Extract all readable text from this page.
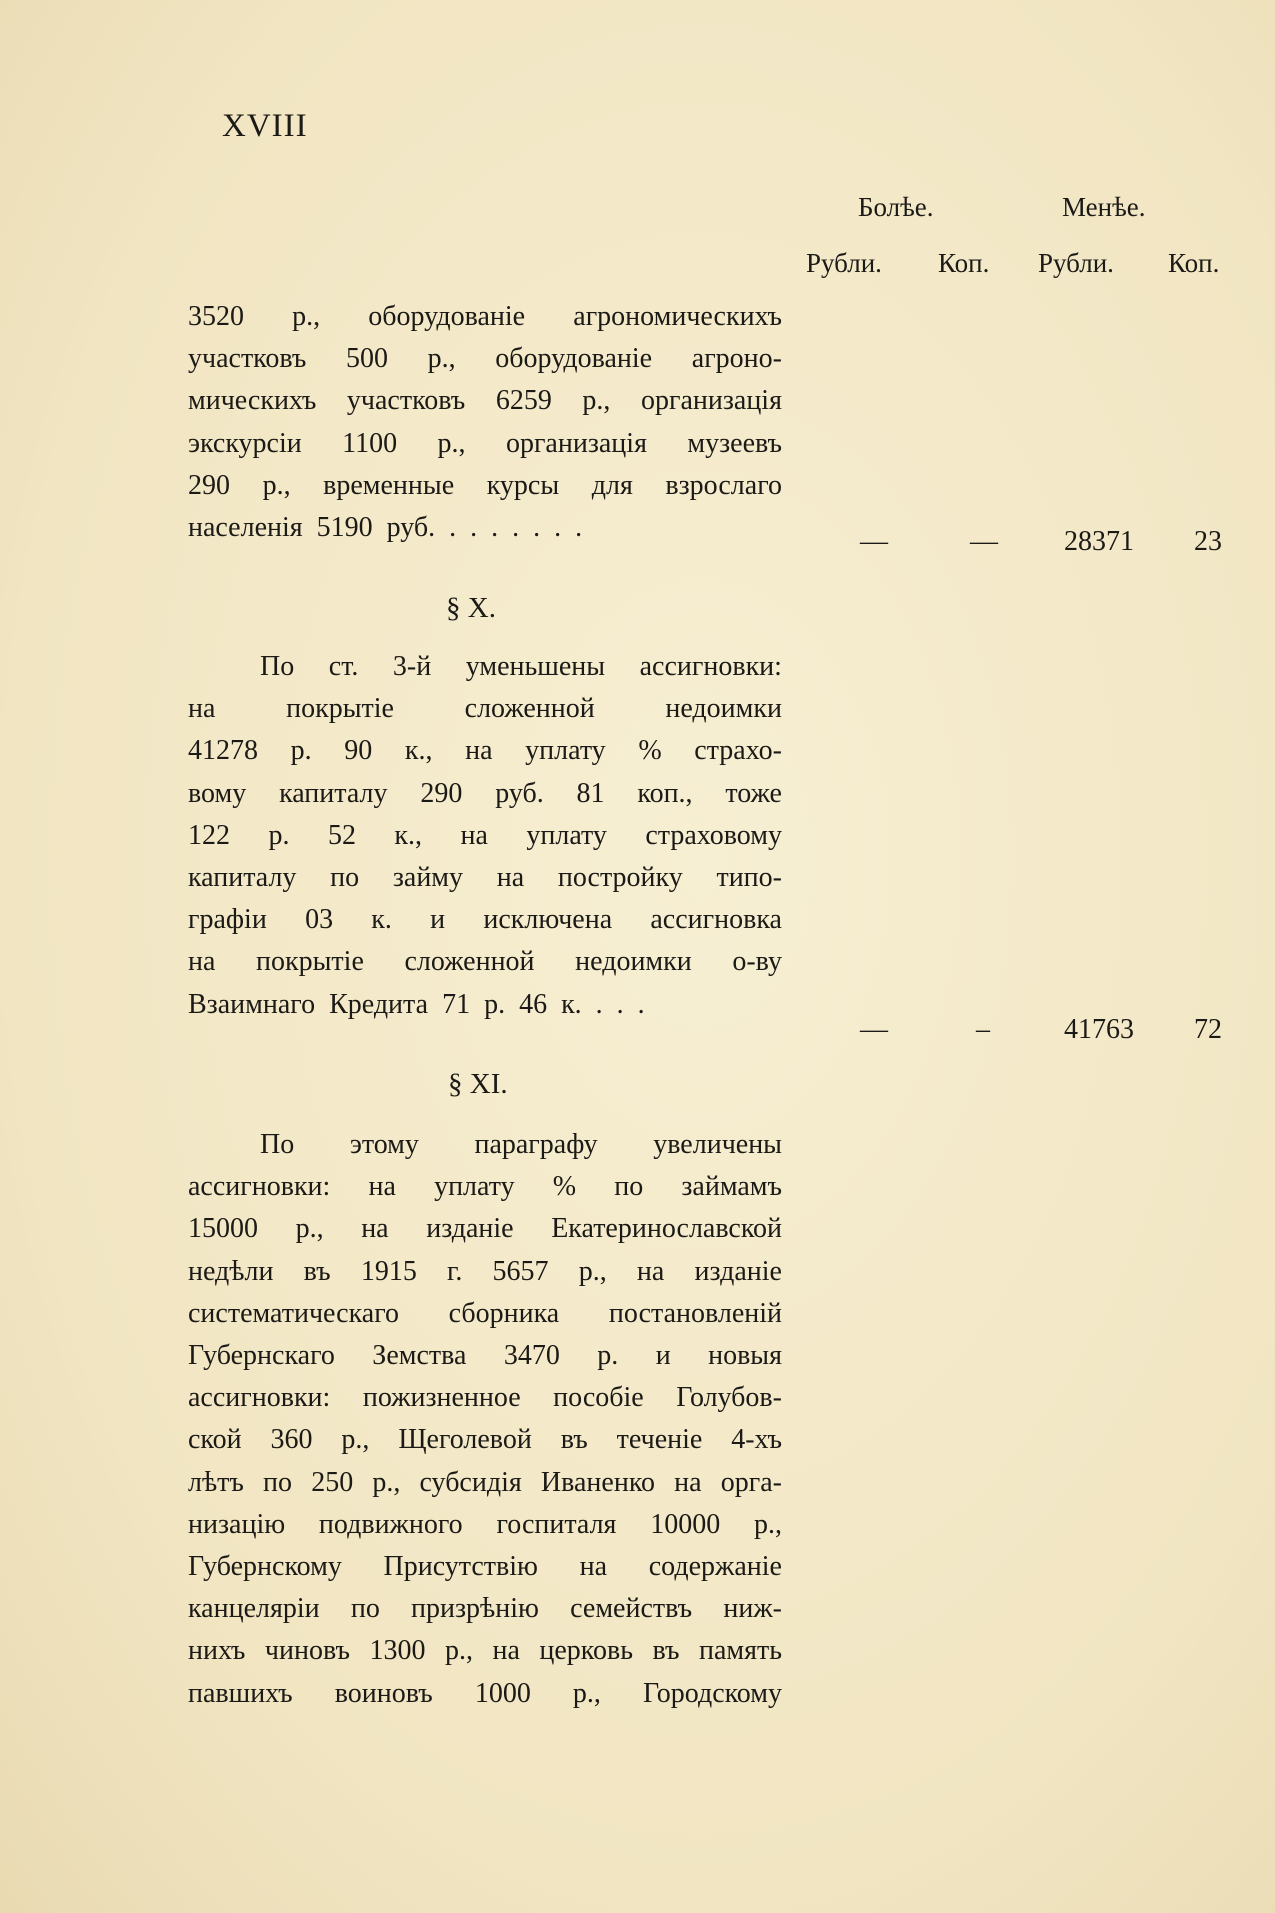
XVIII
Болѣе.	Менѣе.
Рубли. Коп. Рубли. Коп.
3520 р., оборудованіе агрономическихъ
участковъ 500 р., оборудованіе агроно-
мическихъ участковъ 6259 р., организація
экскурсіи 1100 р., организація музеевъ
290 р., временные курсы для взрослаго
населенія 5190 руб. . . . . . . .	—	— 28371 23
§ X.
По ст. 3-й уменьшены ассигновки:
на	покрытіе	сложенной	недоимки
41278 р. 90 к., на уплату % страхо-
вому капиталу 290 руб. 81 коп., тоже
122 р. 52 к., на уплату страховому
капиталу по займу на постройку типо-
графіи 03 к. и исключена ассигновка
на покрытіе сложенной недоимки о-ву
Взаимнаго Кредита 71 р. 46 к. . . .
—	–	41763 72
§ XI.
По этому параграфу увеличены
ассигновки: на уплату % по займамъ
15000 р., на изданіе Екатеринославской
недѣли въ 1915 г. 5657 р., на изданіе
систематическаго сборника постановленій
Губернскаго Земства 3470 р. и новыя
ассигновки: пожизненное пособіе Голубов-
ской 360 р., Щеголевой въ теченіе 4-хъ
лѣтъ по 250 р., субсидія Иваненко на орга-
низацію подвижного госпиталя 10000 р.,
Губернскому Присутствію на содержаніе
канцеляріи по призрѣнію семействъ ниж-
нихъ чиновъ 1300 р., на церковь въ память
павшихъ воиновъ 1000 р., Городскому
